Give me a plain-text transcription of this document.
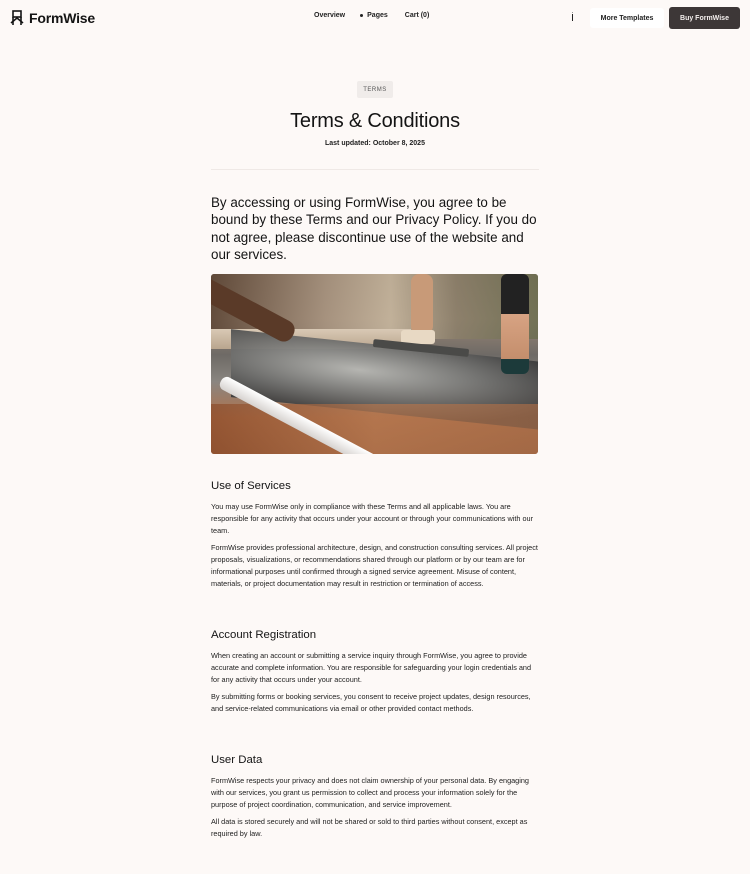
FormWise	Overview	Pages Cart (0)	More Templates	Buy FormWise
TERMS
Terms & Conditions
Last updated: October 8, 2025

By accessing or using FormWise, you agree to be bound by these Terms and our Privacy Policy. If you do not agree, please discontinue use of the website and our services.

Use of Services

You may use FormWise only in compliance with these Terms and all applicable laws. You are responsible for any activity that occurs under your account or through your communications with our team.

FormWise provides professional architecture, design, and construction consulting services. All project proposals, visualizations, or recommendations shared through our platform or by our team are for informational purposes until confirmed through a signed service agreement. Misuse of content, materials, or project documentation may result in restriction or termination of access.

Account Registration

When creating an account or submitting a service inquiry through FormWise, you agree to provide accurate and complete information. You are responsible for safeguarding your login credentials and for any activity that occurs under your account.

By submitting forms or booking services, you consent to receive project updates, design resources, and service-related communications via email or other provided contact methods.

User Data

FormWise respects your privacy and does not claim ownership of your personal data. By engaging with our services, you grant us permission to collect and process your information solely for the purpose of project coordination, communication, and service improvement.

All data is stored securely and will not be shared or sold to third parties without consent, except as required by law.
